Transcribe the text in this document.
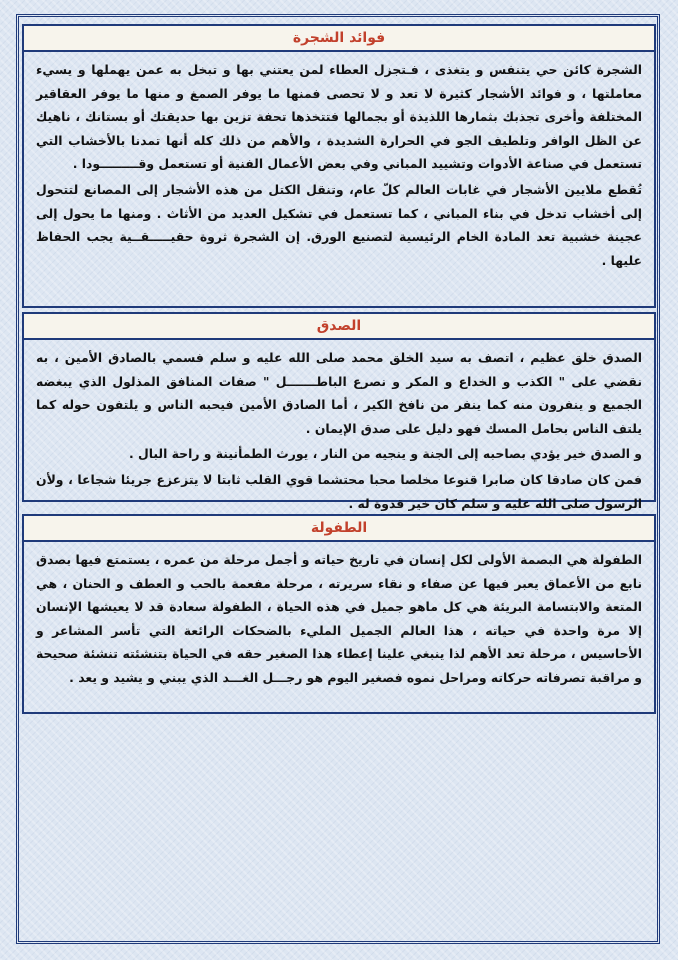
فوائد الشجرة

الشجرة كائن حي يتنفس و يتغذى ، فـتجزل العطاء لمن يعتني بها و تبخل به عمن يهملها و يسيء معاملتها ، و فوائد الأشجار كثيرة لا تعد و لا تحصى فمنها ما يوفر الصمغ و منها ما يوفر العقاقير المختلفة وأخرى تجذبك بثمارها اللذيذة أو بجمالها فتتخذها تحفة تزين بها حديقتك أو بستانك ، ناهيك عن الظل الوافر وتلطيف الجو في الحرارة الشديدة ، والأهم من ذلك كله أنها تمدنا بالأخشاب التي تستعمل في صناعة الأدوات وتشييد المباني وفي بعض الأعمال الفنية أو تستعمل وقـــــــــودا .

تُقطع ملايين الأشجار في غابات العالم كلّ عام، وتنقل الكتل من هذه الأشجار إلى المصانع لتتحول إلى أخشاب تدخل في بناء المباني ، كما تستعمل في تشكيل العديد من الأثاث . ومنها ما يحول إلى عجينة خشبية تعد المادة الخام الرئيسية لتصنيع الورق. إن الشجرة ثروة حقيـــــقــية يجب الحفاظ عليها .

الصدق

الصدق خلق عظيم ، اتصف به سيد الخلق محمد صلى الله عليه و سلم فسمي بالصادق الأمين ، به نقضي على " الكذب و الخداع و المكر و نصرع الباطـــــــل " صفات المنافق المذلول الذي يبغضه الجميع و ينفرون منه كما ينفر من نافخ الكير ، أما الصادق الأمين فيحبه الناس و يلتفون حوله كما يلتف الناس بحامل المسك فهو دليل على صدق الإيمان .

و الصدق خير يؤدي بصاحبه إلى الجنة و ينجيه من النار ، يورث الطمأنينة و راحة البال .

فمن كان صادقا كان صابرا قنوعا مخلصا محبا محتشما قوي القلب ثابتا لا يتزعزع جريئا شجاعا ، ولأن الرسول صلى الله عليه و سلم كان خير قدوة له .

الطفولة

الطفولة هي البصمة الأولى لكل إنسان في تاريخ حياته و أجمل مرحلة من عمره ، يستمتع فيها بصدق نابع من الأعماق يعبر فيها عن صفاء و نقاء سريرته ، مرحلة مفعمة بالحب و العطف و الحنان ، هي المتعة والابتسامة البريئة هي كل ماهو جميل في هذه الحياة ، الطفولة سعادة قد لا يعيشها الإنسان إلا مرة واحدة في حياته ، هذا العالم الجميل المليء بالضحكات الرائعة التي تأسر المشاعر و الأحاسيس ، مرحلة تعد الأهم لذا ينبغي علينا إعطاء هذا الصغير حقه في الحياة بتنشئته تنشئة صحيحة و مراقبة تصرفاته حركاته ومراحل نموه فصغير اليوم هو رجـــل الغـــد الذي يبني و يشيد و يعد .
